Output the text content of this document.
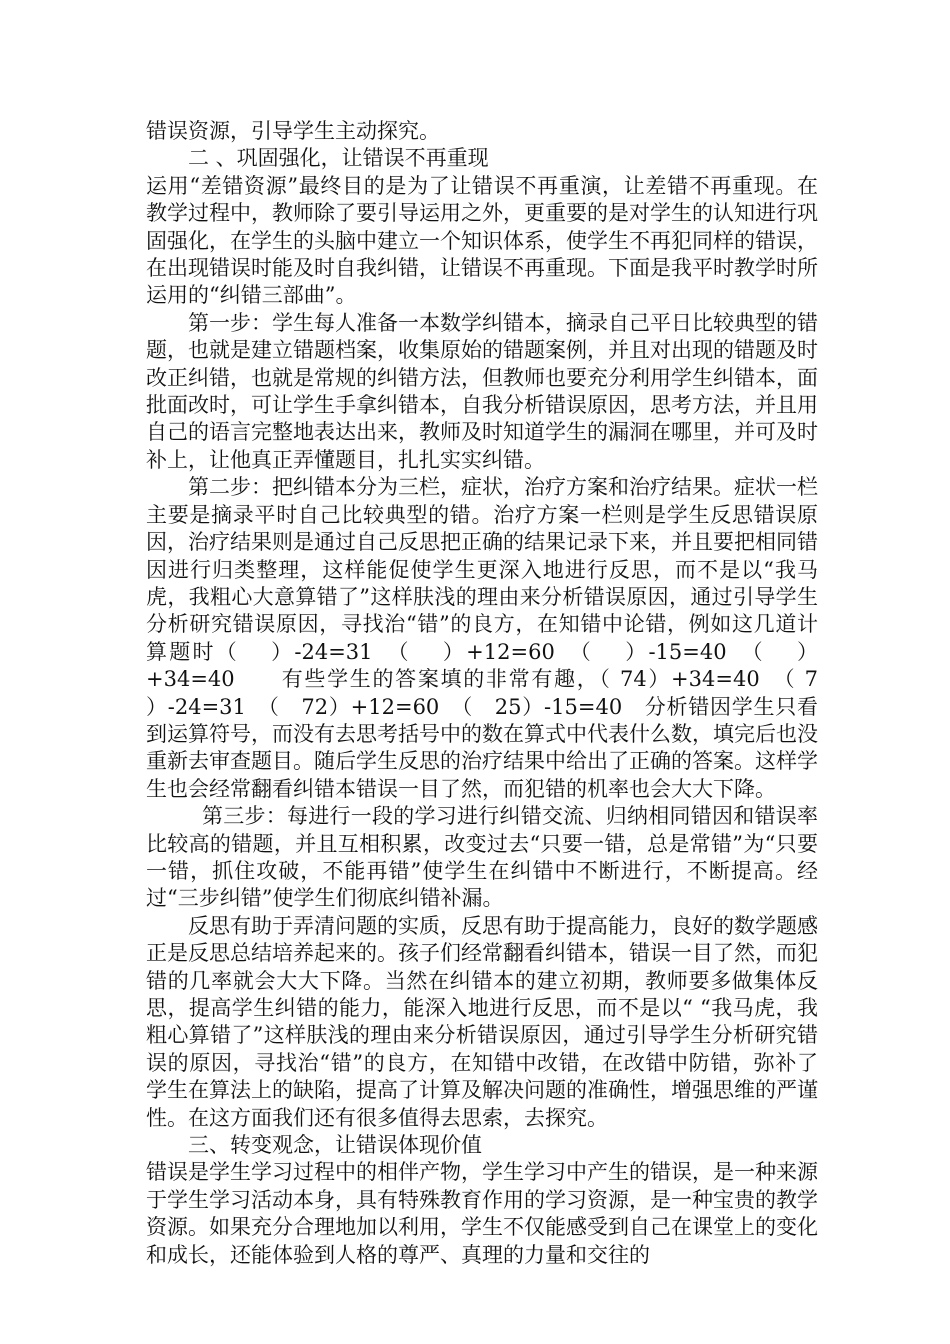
错误资源，引导学生主动探究。

二 、巩固强化，让错误不再重现

运用“差错资源”最终目的是为了让错误不再重演，让差错不再重现。在教学过程中，教师除了要引导运用之外，更重要的是对学生的认知进行巩固强化，在学生的头脑中建立一个知识体系，使学生不再犯同样的错误，在出现错误时能及时自我纠错，让错误不再重现。下面是我平时教学时所运用的“纠错三部曲”。

第一步：学生每人准备一本数学纠错本，摘录自己平日比较典型的错题，也就是建立错题档案，收集原始的错题案例，并且对出现的错题及时改正纠错，也就是常规的纠错方法，但教师也要充分利用学生纠错本，面批面改时，可让学生手拿纠错本，自我分析错误原因，思考方法，并且用自己的语言完整地表达出来，教师及时知道学生的漏洞在哪里，并可及时补上，让他真正弄懂题目，扎扎实实纠错。

第二步：把纠错本分为三栏，症状，治疗方案和治疗结果。症状一栏主要是摘录平时自己比较典型的错。治疗方案一栏则是学生反思错误原因，治疗结果则是通过自己反思把正确的结果记录下来，并且要把相同错因进行归类整理，这样能促使学生更深入地进行反思，而不是以“我马虎，我粗心大意算错了”这样肤浅的理由来分析错误原因，通过引导学生分析研究错误原因，寻找治“错”的良方，在知错中论错，例如这几道计算题时（　 ）-24=31　（　 ）+12=60　（　 ）-15=40　（　 ）+34=40　　有些学生的答案填的非常有趣，（ 74）+34=40　（ 7 ）-24=31　（　72）+12=60　（　25）-15=40　分析错因学生只看到运算符号，而没有去思考括号中的数在算式中代表什么数，填完后也没重新去审查题目。随后学生反思的治疗结果中给出了正确的答案。这样学生也会经常翻看纠错本错误一目了然，而犯错的机率也会大大下降。

第三步：每进行一段的学习进行纠错交流、归纳相同错因和错误率比较高的错题，并且互相积累，改变过去“只要一错，总是常错”为“只要一错，抓住攻破，不能再错”使学生在纠错中不断进行，不断提高。经过“三步纠错”使学生们彻底纠错补漏。

反思有助于弄清问题的实质，反思有助于提高能力，良好的数学题感正是反思总结培养起来的。孩子们经常翻看纠错本，错误一目了然，而犯错的几率就会大大下降。当然在纠错本的建立初期，教师要多做集体反思，提高学生纠错的能力，能深入地进行反思，而不是以“ “我马虎，我粗心算错了”这样肤浅的理由来分析错误原因，通过引导学生分析研究错误的原因，寻找治“错”的良方，在知错中改错，在改错中防错，弥补了学生在算法上的缺陷，提高了计算及解决问题的准确性，增强思维的严谨性。在这方面我们还有很多值得去思索，去探究。

三、转变观念，让错误体现价值

错误是学生学习过程中的相伴产物，学生学习中产生的错误，是一种来源于学生学习活动本身，具有特殊教育作用的学习资源，是一种宝贵的教学资源。如果充分合理地加以利用，学生不仅能感受到自己在课堂上的变化和成长，还能体验到人格的尊严、真理的力量和交往的
